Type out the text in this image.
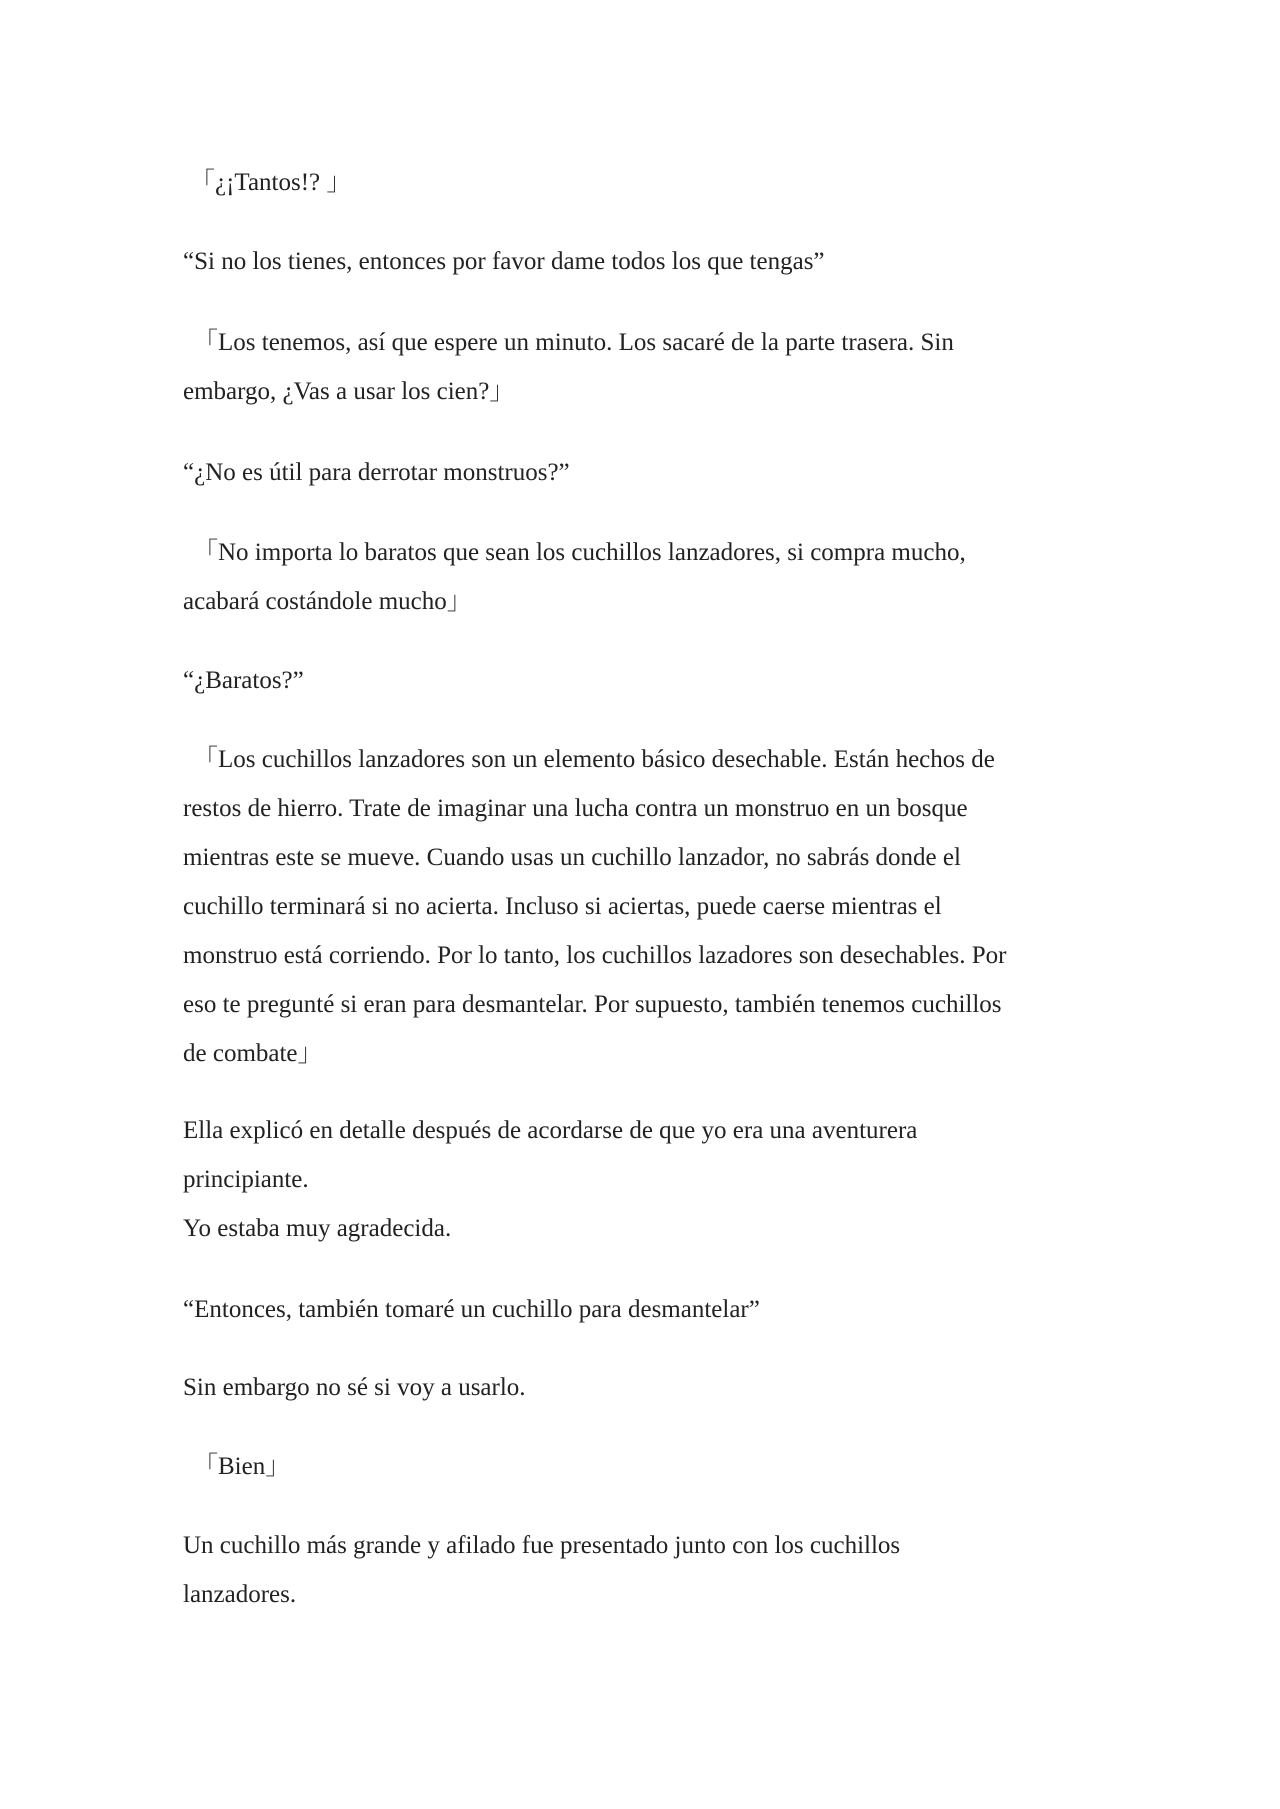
「¿¡Tantos!? 」

“Si no los tienes, entonces por favor dame todos los que tengas”

「Los tenemos, así que espere un minuto. Los sacaré de la parte trasera. Sin
embargo, ¿Vas a usar los cien?」

“¿No es útil para derrotar monstruos?”

「No importa lo baratos que sean los cuchillos lanzadores, si compra mucho,
acabará costándole mucho」

“¿Baratos?”

「Los cuchillos lanzadores son un elemento básico desechable. Están hechos de
restos de hierro. Trate de imaginar una lucha contra un monstruo en un bosque
mientras este se mueve. Cuando usas un cuchillo lanzador, no sabrás donde el
cuchillo terminará si no acierta. Incluso si aciertas, puede caerse mientras el
monstruo está corriendo. Por lo tanto, los cuchillos lazadores son desechables. Por
eso te pregunté si eran para desmantelar. Por supuesto, también tenemos cuchillos
de combate」

Ella explicó en detalle después de acordarse de que yo era una aventurera
principiante.
Yo estaba muy agradecida.

“Entonces, también tomaré un cuchillo para desmantelar”

Sin embargo no sé si voy a usarlo.

「Bien」

Un cuchillo más grande y afilado fue presentado junto con los cuchillos
lanzadores.
